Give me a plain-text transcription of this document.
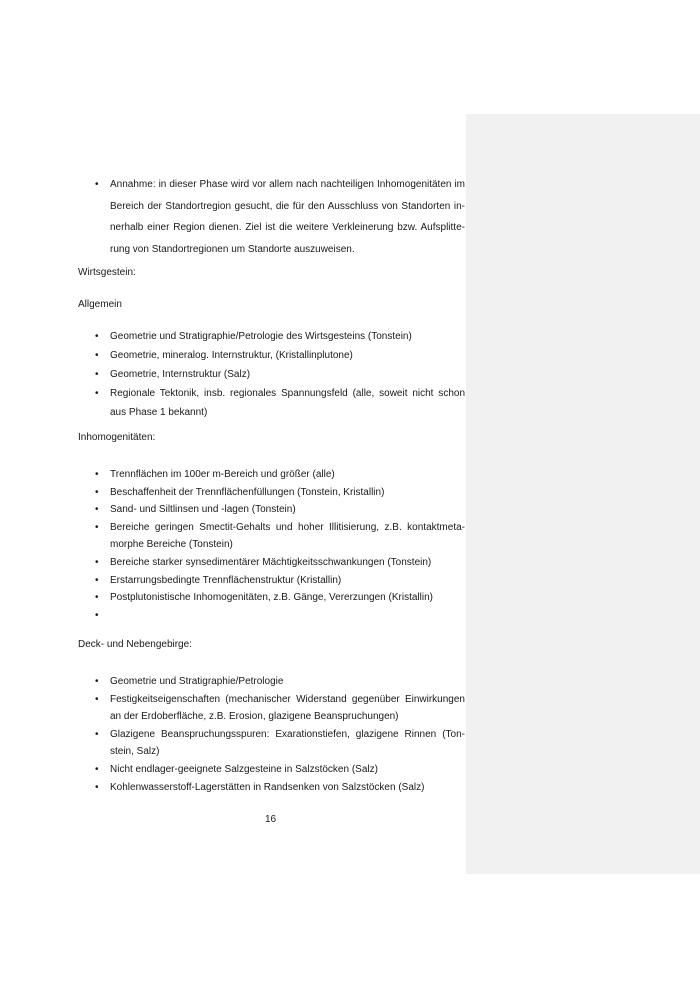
• Annahme: in dieser Phase wird vor allem nach nachteiligen Inhomogenitäten im Bereich der Standortregion gesucht, die für den Ausschluss von Standorten innerhalb einer Region dienen. Ziel ist die weitere Verkleinerung bzw. Aufsplitterung von Standortregionen um Standorte auszuweisen.
Wirtsgestein:
Allgemein
• Geometrie und Stratigraphie/Petrologie des Wirtsgesteins (Tonstein)
• Geometrie, mineralog. Internstruktur, (Kristallinplutone)
• Geometrie, Internstruktur (Salz)
• Regionale Tektonik, insb. regionales Spannungsfeld (alle, soweit nicht schon aus Phase 1 bekannt)
Inhomogenitäten:
• Trennflächen im 100er m-Bereich und größer (alle)
• Beschaffenheit der Trennflächenfüllungen (Tonstein, Kristallin)
• Sand- und Siltlinsen und -lagen (Tonstein)
• Bereiche geringen Smectit-Gehalts und hoher Illitisierung, z.B. kontaktmetamorphe Bereiche (Tonstein)
• Bereiche starker synsedimentärer Mächtigkeitsschwankungen (Tonstein)
• Erstarrungsbedingte Trennflächenstruktur (Kristallin)
• Postplutonistische Inhomogenitäten, z.B. Gänge, Vererzungen (Kristallin)
•
Deck- und Nebengebirge:
• Geometrie und Stratigraphie/Petrologie
• Festigkeitseigenschaften (mechanischer Widerstand gegenüber Einwirkungen an der Erdoberfläche, z.B. Erosion, glazigene Beanspruchungen)
• Glazigene Beanspruchungsspuren: Exarationstiefen, glazigene Rinnen (Tonstein, Salz)
• Nicht endlager-geeignete Salzgesteine in Salzstöcken (Salz)
• Kohlenwasserstoff-Lagerstätten in Randsenken von Salzstöcken (Salz)
16
